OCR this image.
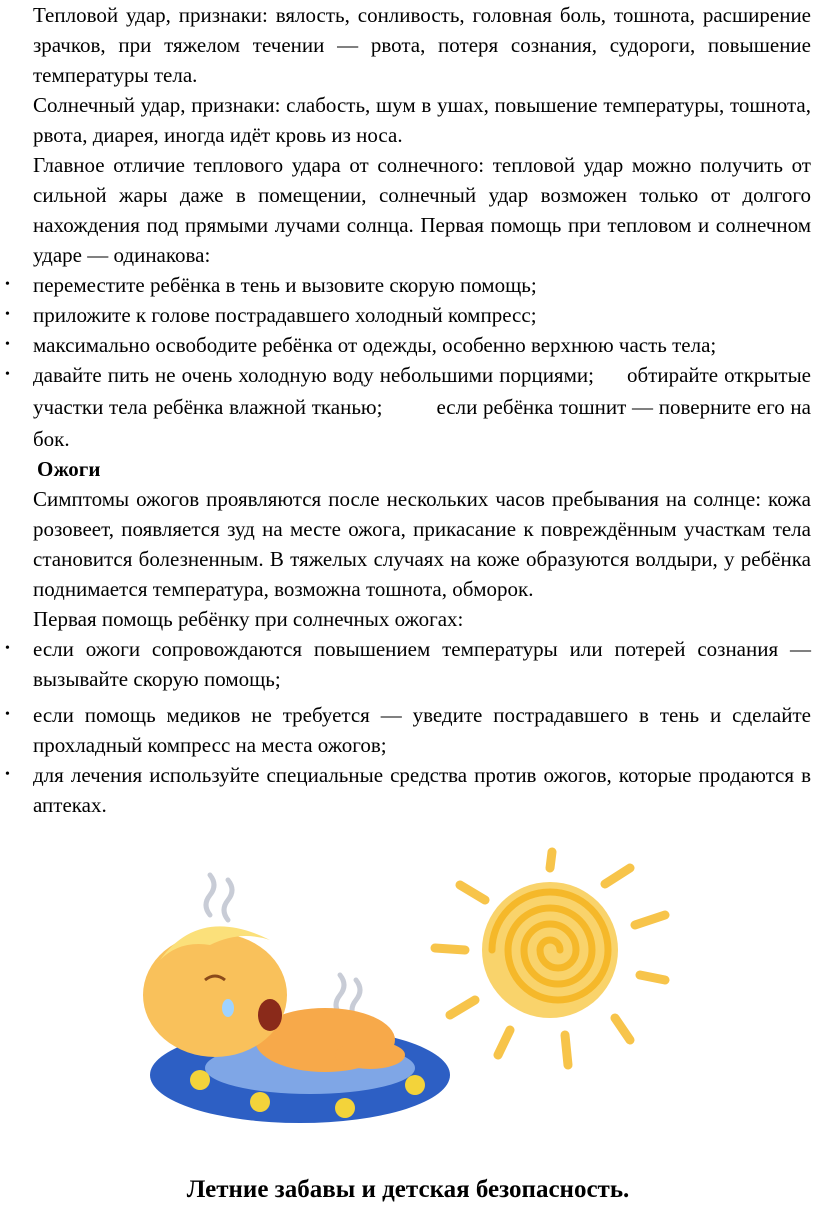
Тепловой удар, признаки: вялость, сонливость, головная боль, тошнота, расширение зрачков, при тяжелом течении — рвота, потеря сознания, судороги, повышение температуры тела.

Солнечный удар, признаки: слабость, шум в ушах, повышение температуры, тошнота, рвота, диарея, иногда идёт кровь из носа.

Главное отличие теплового удара от солнечного: тепловой удар можно получить от сильной жары даже в помещении, солнечный удар возможен только от долгого нахождения под прямыми лучами солнца. Первая помощь при тепловом и солнечном ударе — одинакова:

• переместите ребёнка в тень и вызовите скорую помощь;
• приложите к голове пострадавшего холодный компресс;
• максимально освободите ребёнка от одежды, особенно верхнюю часть тела;
• давайте пить не очень холодную воду небольшими порциями;  обтирайте открытые участки тела ребёнка влажной тканью;  	если ребёнка тошнит — поверните его на бок.
Ожоги

Симптомы ожогов проявляются после нескольких часов пребывания на солнце: кожа розовеет, появляется зуд на месте ожога, прикасание к повреждённым участкам тела становится болезненным. В тяжелых случаях на коже образуются волдыри, у ребёнка поднимается температура, возможна тошнота, обморок.

Первая помощь ребёнку при солнечных ожогах:

• если ожоги сопровождаются повышением температуры или потерей сознания — вызывайте скорую помощь;
• если помощь медиков не требуется — уведите пострадавшего в тень и сделайте прохладный компресс на места ожогов;
• для лечения используйте специальные средства против ожогов, которые продаются в аптеках.
Летние забавы и детская безопасность.
